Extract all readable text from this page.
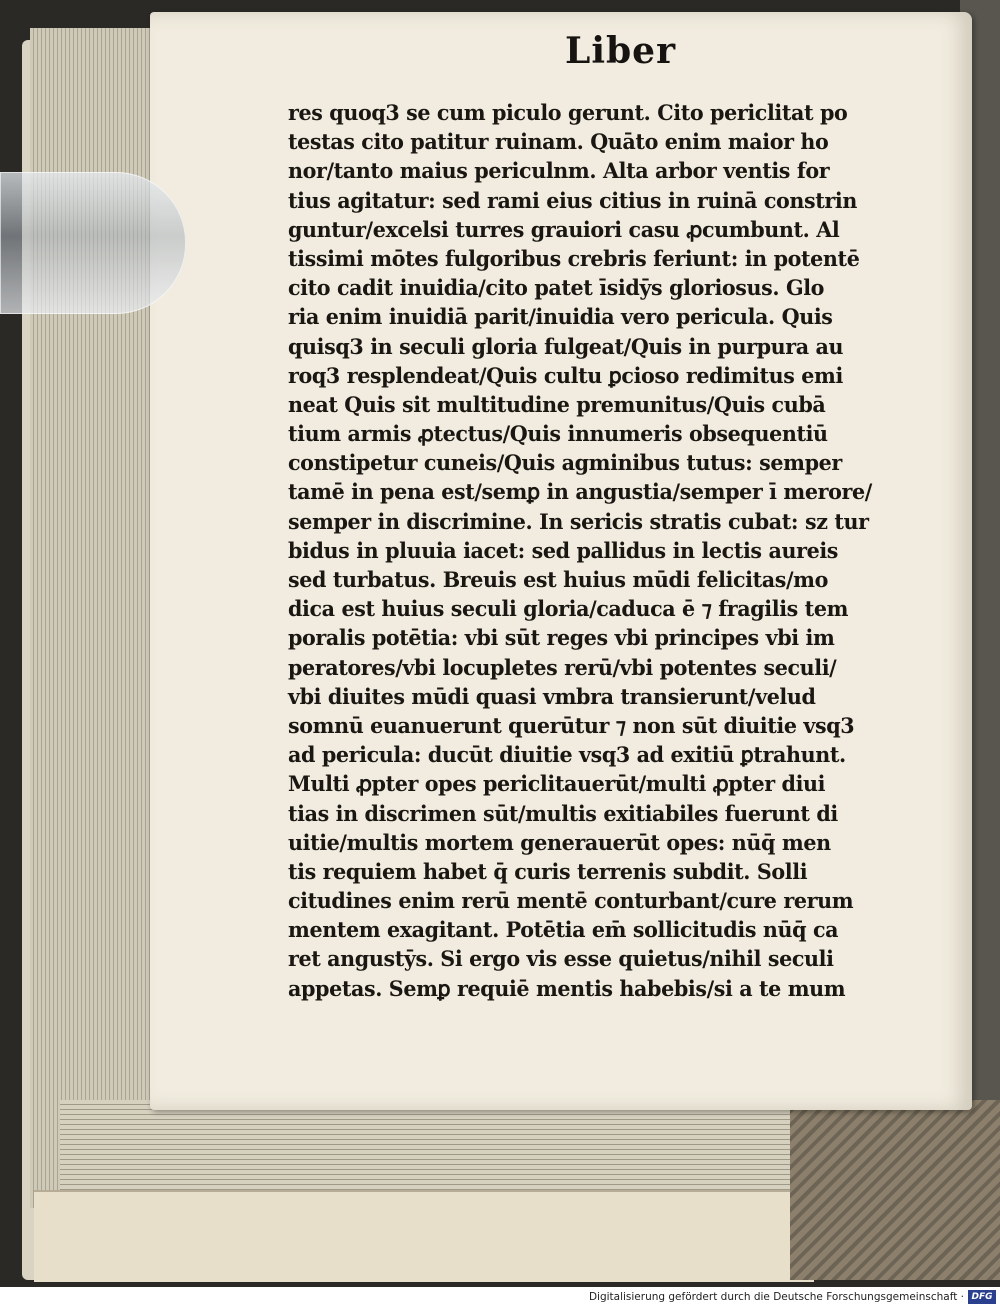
Liber
res quoq3 se cum piculo gerunt. Cito periclitat po
testas cito patitur ruinam. Quāto enim maior ho
nor/tanto maius periculnm. Alta arbor ventis for
tius agitatur: sed rami eius citius in ruinā constrin
guntur/excelsi turres grauiori casu ꝓcumbunt. Al
tissimi mōtes fulgoribus crebris feriunt: in potentē
cito cadit inuidia/cito patet īsidȳs gloriosus. Glo
ria enim inuidiā parit/inuidia vero pericula. Quis
quisq3 in seculi gloria fulgeat/Quis in purpura au
roq3 resplendeat/Quis cultu ꝑcioso redimitus emi
neat Quis sit multitudine premunitus/Quis cubā
tium armis ꝓtectus/Quis innumeris obsequentiū
constipetur cuneis/Quis agminibus tutus: semper
tamē in pena est/semꝑ in angustia/semper ī merore/
semper in discrimine. In sericis stratis cubat: sz tur
bidus in pluuia iacet: sed pallidus in lectis aureis
sed turbatus. Breuis est huius mūdi felicitas/mo
dica est huius seculi gloria/caduca ē ⁊ fragilis tem
poralis potētia: vbi sūt reges vbi principes vbi im
peratores/vbi locupletes rerū/vbi potentes seculi/
vbi diuites mūdi quasi vmbra transierunt/velud
somnū euanuerunt querūtur ⁊ non sūt diuitie vsq3
ad pericula: ducūt diuitie vsq3 ad exitiū ꝑtrahunt.
Multi ꝓpter opes periclitauerūt/multi ꝓpter diui
tias in discrimen sūt/multis exitiabiles fuerunt di
uitie/multis mortem generauerūt opes: nūq̄ men
tis requiem habet q̄ curis terrenis subdit. Solli
citudines enim rerū mentē conturbant/cure rerum
mentem exagitant. Potētia em̄ sollicitudis nūq̄ ca
ret angustȳs. Si ergo vis esse quietus/nihil seculi
appetas. Semꝑ requiē mentis habebis/si a te mum
Digitalisierung gefördert durch die Deutsche Forschungsgemeinschaft · DFG
